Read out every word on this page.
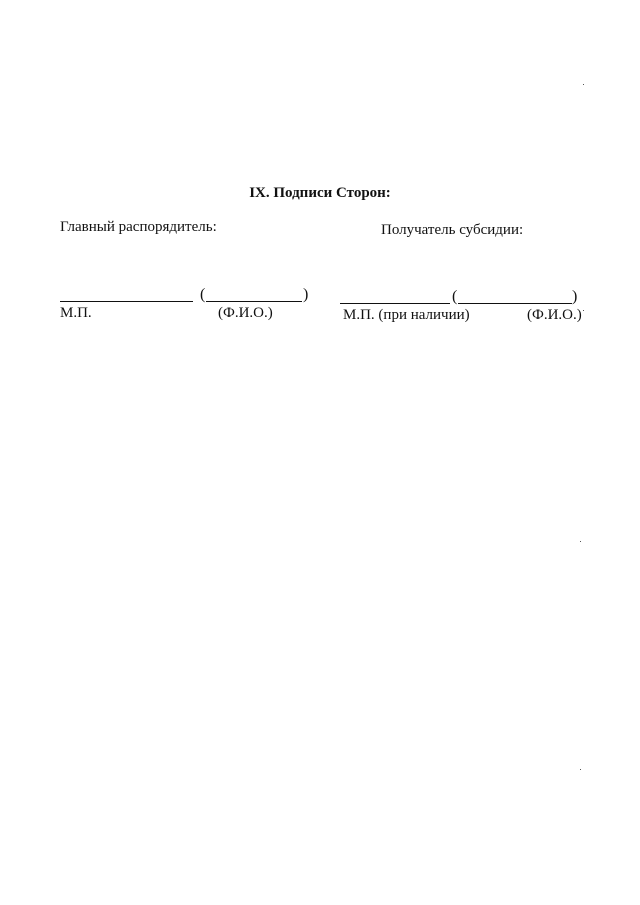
IX. Подписи Сторон:
Главный распорядитель:
(	)
М.П.	(Ф.И.О.)
Получатель субсидии:
(	)
М.П. (при наличии)	(Ф.И.О.)
